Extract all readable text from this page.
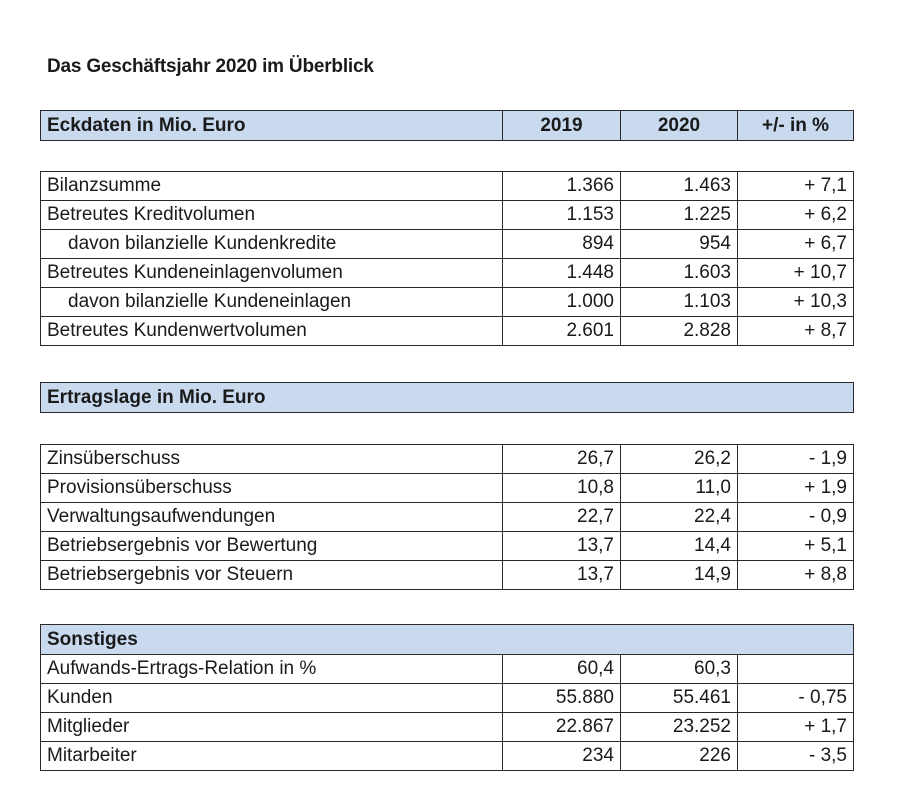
Das Geschäftsjahr 2020 im Überblick
Eckdaten in Mio. Euro	2019	2020	+/- in %
Bilanzsumme	1.366	1.463	+ 7,1
Betreutes Kreditvolumen	1.153	1.225	+ 6,2
davon bilanzielle Kundenkredite	894	954	+ 6,7
Betreutes Kundeneinlagenvolumen	1.448	1.603	+ 10,7
davon bilanzielle Kundeneinlagen	1.000	1.103	+ 10,3
Betreutes Kundenwertvolumen	2.601	2.828	+ 8,7
Ertragslage in Mio. Euro
Zinsüberschuss	26,7	26,2	- 1,9
Provisionsüberschuss	10,8	11,0	+ 1,9
Verwaltungsaufwendungen	22,7	22,4	- 0,9
Betriebsergebnis vor Bewertung	13,7	14,4	+ 5,1
Betriebsergebnis vor Steuern	13,7	14,9	+ 8,8
Sonstiges			
Aufwands-Ertrags-Relation in %	60,4	60,3	
Kunden	55.880	55.461	- 0,75
Mitglieder	22.867	23.252	+ 1,7
Mitarbeiter	234	226	- 3,5
